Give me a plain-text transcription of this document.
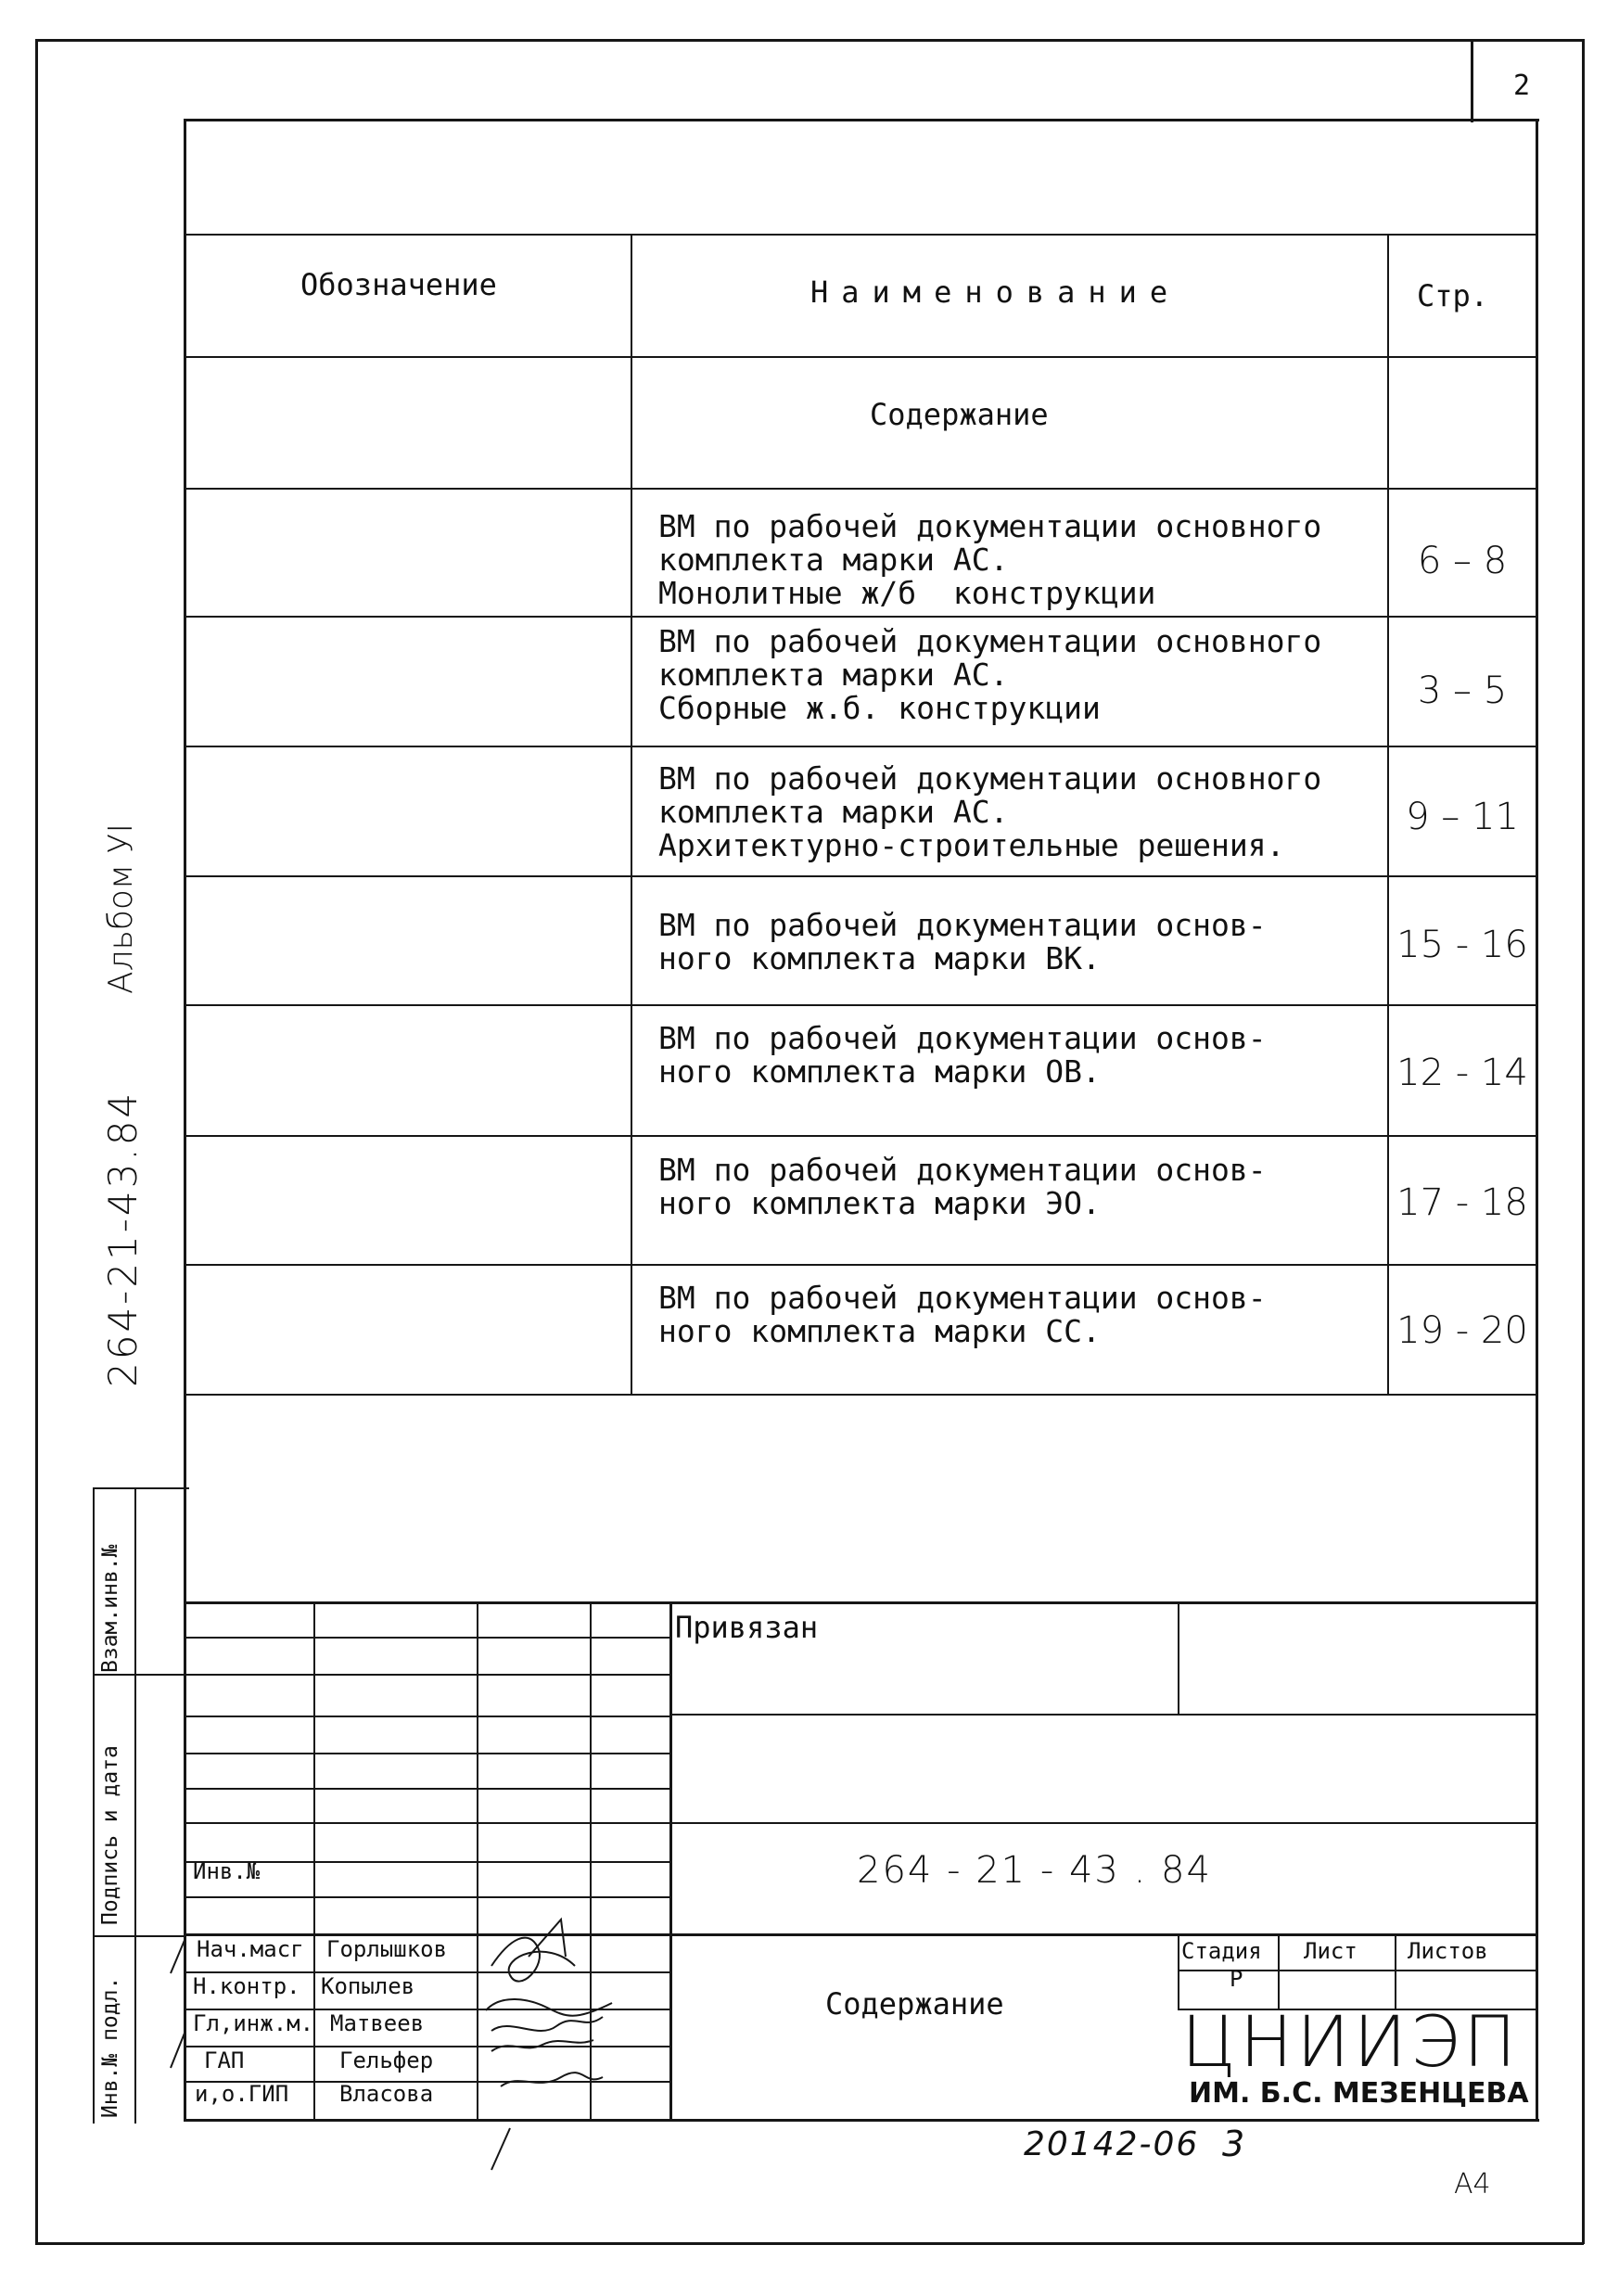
2
Обозначение	Наименование	Стр.
Содержание
ВМ по рабочей документации основного
комплекта марки АС.
Монолитные ж/б  конструкции
6 – 8
ВМ по рабочей документации основного
комплекта марки АС.
Сборные ж.б. конструкции	3 – 5
ВМ по рабочей документации основного
комплекта марки АС.
Архитектурно-строительные решения.
9 – 11
ВМ по рабочей документации основ-
ного комплекта марки ВК.	15 - 16
ВМ по рабочей документации основ-
ного комплекта марки ОВ.	12 - 14
ВМ по рабочей документации основ-
ного комплекта марки ЭО.	17 - 18
ВМ по рабочей документации основ-
ного комплекта марки СС.	19 - 20
Альбом УI
264-21-43.84
Взам.инв.№
Подпись и дата
Инв.№ подл.
Привязан
264 - 21 - 43 . 84
Инв.№
Содержание
Стадия Лист Листов
Р
ЦНИИЭП
ИМ. Б.С. МЕЗЕНЦЕВА
Нач.масг Горлышков
Н.контр. Копылев
Гл,инж.м. Матвеев
ГАП	Гельфер
и,о.ГИП Власова
20142-06 3
А4
